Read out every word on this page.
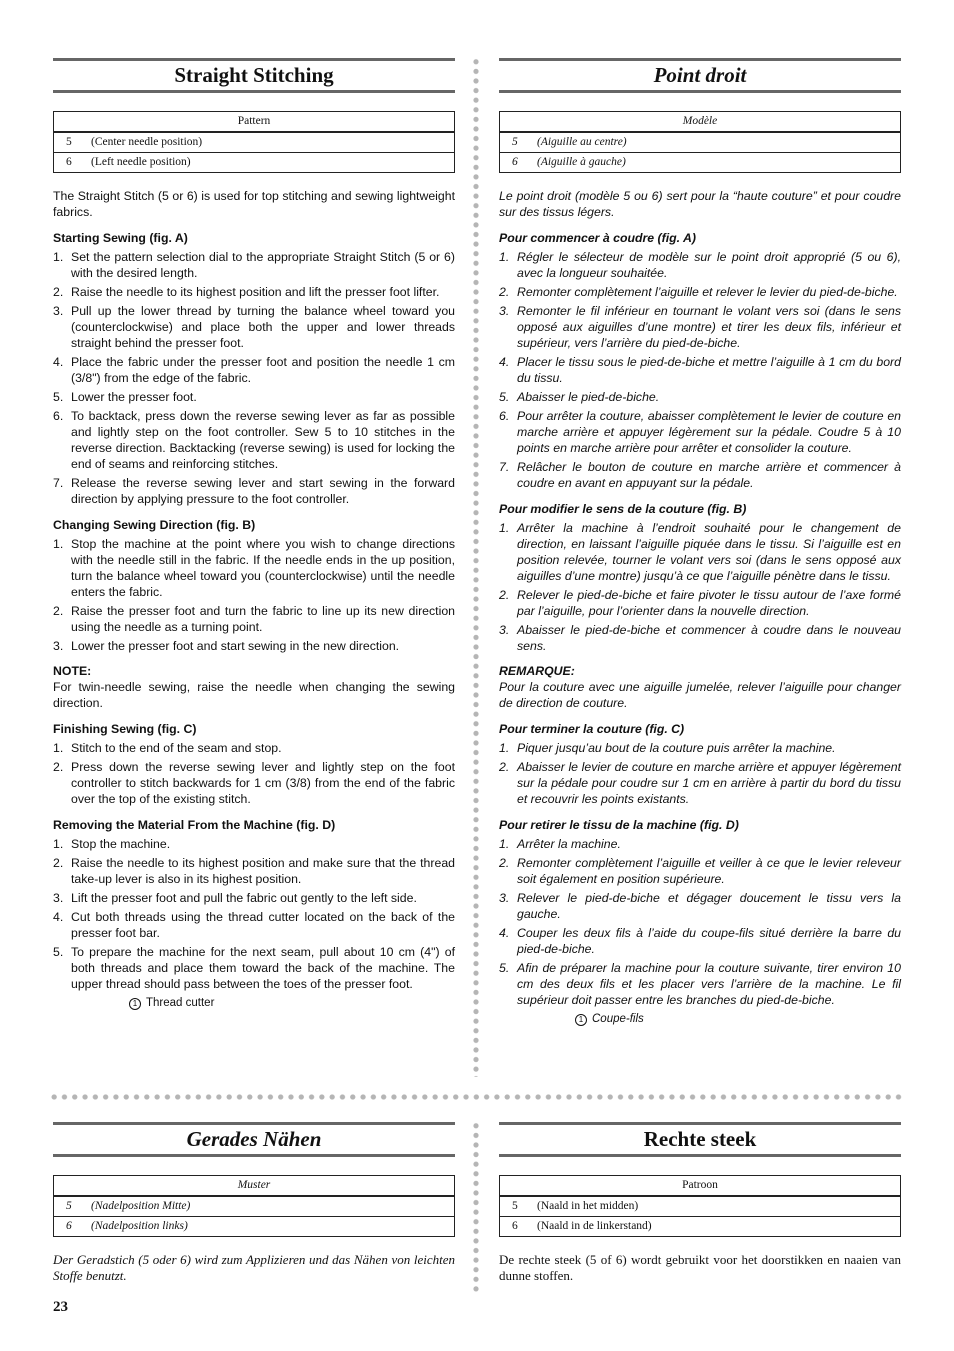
Straight Stitching
Pattern
5 (Center needle position)
6 (Left needle position)

The Straight Stitch (5 or 6) is used for top stitching and sewing lightweight fabrics.

Starting Sewing (fig. A)
1. Set the pattern selection dial to the appropriate Straight Stitch (5 or 6) with the desired length.
2. Raise the needle to its highest position and lift the presser foot lifter.
3. Pull up the lower thread by turning the balance wheel toward you (counterclockwise) and place both the upper and lower threads straight behind the presser foot.
4. Place the fabric under the presser foot and position the needle 1 cm (3/8") from the edge of the fabric.
5. Lower the presser foot.
6. To backtack, press down the reverse sewing lever as far as possible and lightly step on the foot controller. Sew 5 to 10 stitches in the reverse direction. Backtacking (reverse sewing) is used for locking the end of seams and reinforcing stitches.
7. Release the reverse sewing lever and start sewing in the forward direction by applying pressure to the foot controller.
Changing Sewing Direction (fig. B)
1. Stop the machine at the point where you wish to change directions with the needle still in the fabric. If the needle ends in the up position, turn the balance wheel toward you (counterclockwise) until the needle enters the fabric.
2. Raise the presser foot and turn the fabric to line up its new direction using the needle as a turning point.
3. Lower the presser foot and start sewing in the new direction.
NOTE:

For twin-needle sewing, raise the needle when changing the sewing direction.

Finishing Sewing (fig. C)
1. Stitch to the end of the seam and stop.
2. Press down the reverse sewing lever and lightly step on the foot controller to stitch backwards for 1 cm (3/8) from the end of the fabric over the top of the existing stitch.
Removing the Material From the Machine (fig. D)
1. Stop the machine.
2. Raise the needle to its highest position and make sure that the thread take-up lever is also in its highest position.
3. Lift the presser foot and pull the fabric out gently to the left side.
4. Cut both threads using the thread cutter located on the back of the presser foot bar.
5. To prepare the machine for the next seam, pull about 10 cm (4") of both threads and place them toward the back of the machine. The upper thread should pass between the toes of the presser foot.
1 Thread cutter
Point droit
Modèle
5 (Aiguille au centre)
6 (Aiguille à gauche)

Le point droit (modèle 5 ou 6) sert pour la “haute couture” et pour coudre sur des tissus légers.

Pour commencer à coudre (fig. A)
1. Régler le sélecteur de modèle sur le point droit approprié (5 ou 6), avec la longueur souhaitée.
2. Remonter complètement l’aiguille et relever le levier du pied-de-biche.
3. Remonter le fil inférieur en tournant le volant vers soi (dans le sens opposé aux aiguilles d’une montre) et tirer les deux fils, inférieur et supérieur, vers l’arrière du pied-de-biche.
4. Placer le tissu sous le pied-de-biche et mettre l’aiguille à 1 cm du bord du tissu.
5. Abaisser le pied-de-biche.
6. Pour arrêter la couture, abaisser complètement le levier de couture en marche arrière et appuyer légèrement sur la pédale. Coudre 5 à 10 points en marche arrière pour arrêter et consolider la couture.
7. Relâcher le bouton de couture en marche arrière et commencer à coudre en avant en appuyant sur la pédale.
Pour modifier le sens de la couture (fig. B)
1. Arrêter la machine à l’endroit souhaité pour le changement de direction, en laissant l’aiguille piquée dans le tissu. Si l’aiguille est en position relevée, tourner le volant vers soi (dans le sens opposé aux aiguilles d’une montre) jusqu’à ce que l’aiguille pénètre dans le tissu.
2. Relever le pied-de-biche et faire pivoter le tissu autour de l’axe formé par l’aiguille, pour l’orienter dans la nouvelle direction.
3. Abaisser le pied-de-biche et commencer à coudre dans le nouveau sens.
REMARQUE:

Pour la couture avec une aiguille jumelée, relever l’aiguille pour changer de direction de couture.

Pour terminer la couture (fig. C)
1. Piquer jusqu’au bout de la couture puis arrêter la machine.
2. Abaisser le levier de couture en marche arrière et appuyer légèrement sur la pédale pour coudre sur 1 cm en arrière à partir du bord du tissu et recouvrir les points existants.
Pour retirer le tissu de la machine (fig. D)
1. Arrêter la machine.
2. Remonter complètement l’aiguille et veiller à ce que le levier releveur soit également en position supérieure.
3. Relever le pied-de-biche et dégager doucement le tissu vers la gauche.
4. Couper les deux fils à l’aide du coupe-fils situé derrière la barre du pied-de-biche.
5. Afin de préparer la machine pour la couture suivante, tirer environ 10 cm des deux fils et les placer vers l’arrière de la machine. Le fil supérieur doit passer entre les branches du pied-de-biche.
1 Coupe-fils
Gerades Nähen
Muster
5 (Nadelposition Mitte)
6 (Nadelposition links)

Der Geradstich (5 oder 6) wird zum Applizieren und das Nähen von leichten Stoffe benutzt.

Rechte steek
Patroon
5 (Naald in het midden)
6 (Naald in de linkerstand)

De rechte steek (5 of 6) wordt gebruikt voor het doorstikken en naaien van dunne stoffen.

23
